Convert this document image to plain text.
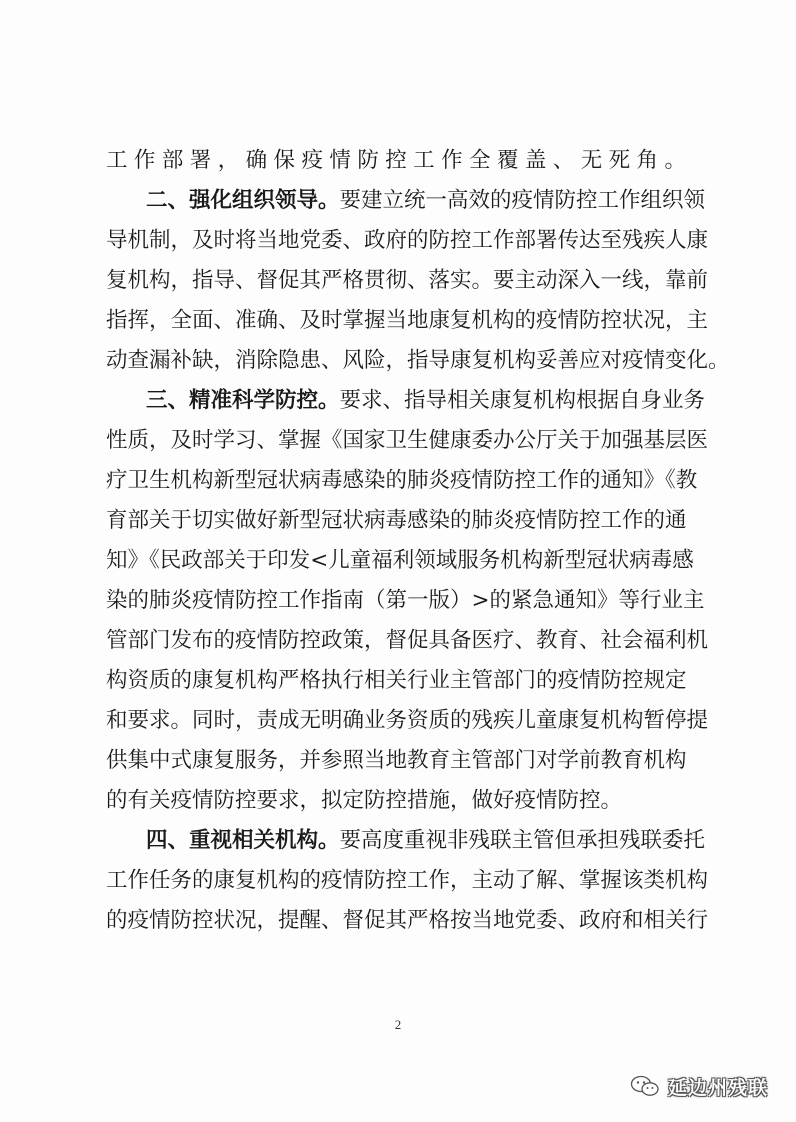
工作部署，确保疫情防控工作全覆盖、无死角。
二、强化组织领导。要建立统一高效的疫情防控工作组织领
导机制，及时将当地党委、政府的防控工作部署传达至残疾人康
复机构，指导、督促其严格贯彻、落实。要主动深入一线，靠前
指挥，全面、准确、及时掌握当地康复机构的疫情防控状况，主
动查漏补缺，消除隐患、风险，指导康复机构妥善应对疫情变化。
三、精准科学防控。要求、指导相关康复机构根据自身业务
性质，及时学习、掌握《国家卫生健康委办公厅关于加强基层医
疗卫生机构新型冠状病毒感染的肺炎疫情防控工作的通知》《教
育部关于切实做好新型冠状病毒感染的肺炎疫情防控工作的通
知》《民政部关于印发<儿童福利领域服务机构新型冠状病毒感
染的肺炎疫情防控工作指南（第一版）>的紧急通知》等行业主
管部门发布的疫情防控政策，督促具备医疗、教育、社会福利机
构资质的康复机构严格执行相关行业主管部门的疫情防控规定
和要求。同时，责成无明确业务资质的残疾儿童康复机构暂停提
供集中式康复服务，并参照当地教育主管部门对学前教育机构
的有关疫情防控要求，拟定防控措施，做好疫情防控。
四、重视相关机构。要高度重视非残联主管但承担残联委托
工作任务的康复机构的疫情防控工作，主动了解、掌握该类机构
的疫情防控状况，提醒、督促其严格按当地党委、政府和相关行
2
延边州残联
